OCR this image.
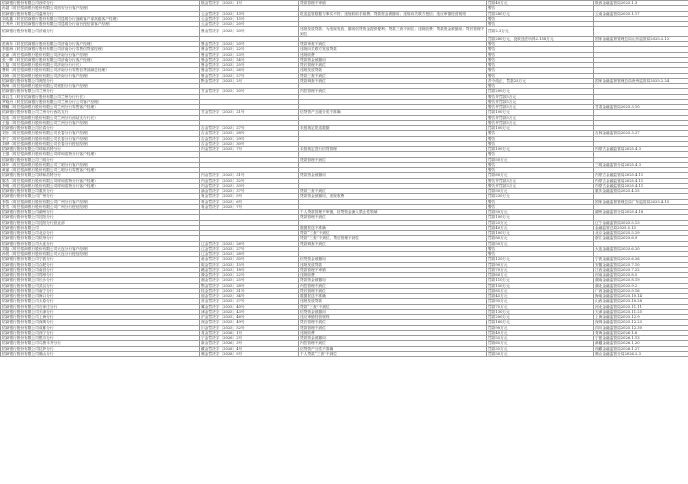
招商银行股份有限公司西安分行	陕金罚决字〔2025〕1号	贷款管理不审慎	罚款40万元	陕西金融监管局2025.1.3
孙超（时任招商银行股份有限公司西安分行客户经理）			警告	
招商银行股份有限公司温州分行	云金罚决字〔2025〕13号	报送监管数据与事实不符；违规收取手续费；贷款资金被挪用；违规向关联方授信；违反审慎经营规则	罚款280万元	云南金融监管局2025.1.17
刘兆鑫（时任招商银行股份有限公司昆明分行战略客户部高级客户经理）	云金罚决字〔2025〕15号		警告	
王秀玲（时任招商银行股份有限公司昆明分行前台授信部客户经理）	云金罚决字〔2025〕20号		警告	
招商银行股份有限公司济南分行	鲁金罚决字〔2025〕20号	违规发放贷款；为违规发放、挪用信贷资金提供便利；贷款三查不到位；违规收费；贷款资金被挪用；贷后管理不到位	罚款2.3万元	
			罚款280万元，没收违法所得2.158万元	国家金融监督管理总局山东监管局2025.2.12
范海东（时任招商银行股份有限公司济南分行客户经理）	鲁金罚决字〔2025〕20号	贷款审查不到位	警告	
李振海（时任招商银行股份有限公司济南分行零售信贷部经理）	鲁金罚决字〔2025〕22号	违规向关联方发放贷款	警告	
赵丽（时任招商银行股份有限公司济南分行客户经理）	鲁金罚决字〔2025〕23号	违规收费	警告	
张一辉（时任招商银行股份有限公司济南分行客户经理）	鲁金罚决字〔2025〕24号	贷款资金被挪用	警告	
王磊（时任招商银行股份有限公司济南分行行长）	鲁金罚决字〔2025〕25号	贷后管理不到位	警告	
曹妍（时任招商银行股份有限公司济南分行零售信贷部副总经理）	鲁金罚决字〔2025〕26号	违规发放贷款	警告	
刘琦（时任招商银行股份有限公司济南分行客户经理）	鲁金罚决字〔2025〕27号	贷款三查不到位	警告	
招商银行股份有限公司贵阳分行	黔金罚决字〔2025〕2号	贷款调查不到位	责令改正，罚款25万元	国家金融监督管理总局贵州监管局2025.2.24
陶坤（时任招商银行股份有限公司贵阳分行客户经理）			警告	
招商银行股份有限公司兰州分行	甘金罚决字〔2025〕20号	内控管理不到位	罚款200万元	
蒋启生（时任招商银行股份有限公司兰州分行行长）			警告并罚款5万元	
罗晓丹（时任招商银行股份有限公司兰州分行公司客户经理）			警告并罚款5万元	
柳璐（时任招商银行股份有限公司兰州分行零售客户经理）			警告并罚款5万元	甘肃金融监管局2025.3.10
招商银行股份有限公司兰州分行西站支行	甘金罚决字〔2025〕21号	信贷资产五级分类不准确	罚款100万元	
周浩（时任招商银行股份有限公司兰州分行西站支行行长）			警告并罚款5万元	
王磊（时任招商银行股份有限公司兰州分行客户经理）			警告并罚款5万元	
招商银行股份有限公司长春分行	吉金罚决字〔2025〕27号	未按规定报送数据	罚款100万元	
刘东（时任招商银行股份有限公司长春分行客户经理）	吉金罚决字〔2025〕28号		警告	吉林金融监管局2025.3.27
李宁（时任招商银行股份有限公司长春分行客户经理）	吉金罚决字〔2025〕29号		警告	
刘烨（时任招商银行股份有限公司长春分行授信经理）	吉金罚决字〔2025〕30号		警告	
招商银行股份有限公司呼和浩特分行	内金罚决字〔2025〕7号	未按规定进行信贷管理	罚款100万元	内蒙古金融监管局2025.4.3
王强（时任招商银行股份有限公司呼和浩特分行客户经理）			警告	
招商银行股份有限公司三明分行		贷款管理不到位	罚款50万元	
林华（时任招商银行股份有限公司三明分行客户经理）			警告	三明金融监管分局2025.4.3
黄丽（时任招商银行股份有限公司三明分行零售客户经理）			警告	
招商银行股份有限公司呼和浩特分行	内金罚决字〔2025〕31号	贷款资金被挪用	罚款80万元	内蒙古金融监管局2025.4.11
陈杰（时任招商银行股份有限公司呼和浩特分行客户经理）	内金罚决字〔2025〕32号		警告并罚款3万元	内蒙古金融监管局2025.4.11
李明（时任招商银行股份有限公司呼和浩特分行客户经理）	内金罚决字〔2025〕33号		警告并罚款3万元	内蒙古金融监管局2025.4.11
招商银行股份有限公司重庆分行	渝金罚决字〔2025〕37号	贷款三查不到位	罚款50万元	重庆金融监管局2025.4.15
招商银行股份有限公司广州分行	粤金罚决字〔2025〕5号	贷款资金被挪用，违规收费	罚款230万元	
李智（时任招商银行股份有限公司广州分行客户经理）	粤金罚决字〔2025〕6号		警告	国家金融监督管理总局广东监管局2025.4.15
张雪（时任招商银行股份有限公司广州分行授信经理）	粤金罚决字〔2025〕7号		警告	
招商银行股份有限公司湖州分行		个人贷款管理不审慎，信贷资金流入禁止性领域	罚款50万元	湖州金融监管分局2025.4.18
招商银行股份有限公司沈阳分行		贷款管理不到位	罚款100万元	
招商银行股份有限公司沈阳分行营业部			罚款25万元	辽宁金融监管局2025.5.13
招商银行股份有限公司		数据报送不准确	罚款40万元	金融监管总局2025.5.13
招商银行股份有限公司北京分行		贷款“三查”不到位	罚款100万元	北京金融监管局2025.5.29
招商银行股份有限公司杭州分行		贷款“三查”不到位，贷后管理不到位	罚款80万元	浙江金融监管局2025.6.9
招商银行股份有限公司大连分行	辽金罚决字〔2025〕26号	贷款调查不到位	罚款50万元	
刘磊（时任招商银行股份有限公司大连分行客户经理）	辽金罚决字〔2025〕27号		警告	大连金融监管局2025.6.20
孙悦（时任招商银行股份有限公司大连分行授信经理）	辽金罚决字〔2025〕28号		警告	
招商银行股份有限公司宁波分行	甬金罚决字〔2025〕30号	信贷资金被挪用	罚款120万元	宁波金融监管局2025.6.26
招商银行股份有限公司合肥分行	皖金罚决字〔2025〕15号	违规发放贷款	罚款90万元	安徽金融监管局2025.7.10
招商银行股份有限公司南昌分行	赣金罚决字〔2025〕18号	贷款管理不审慎	罚款70万元	江西金融监管局2025.7.22
招商银行股份有限公司郑州分行	豫金罚决字〔2025〕22号	违规收费	罚款60万元	河南金融监管局2025.8.5
招商银行股份有限公司长沙分行	湘金罚决字〔2025〕25号	贷款资金被挪用	罚款110万元	湖南金融监管局2025.8.19
招商银行股份有限公司武汉分行	鄂金罚决字〔2025〕28号	内控管理不到位	罚款150万元	湖北金融监管局2025.9.2
招商银行股份有限公司南宁分行	桂金罚决字〔2025〕31号	贷后管理不到位	罚款85万元	广西金融监管局2025.9.16
招商银行股份有限公司海口分行	琼金罚决字〔2025〕34号	数据报送不准确	罚款45万元	海南金融监管局2025.10.14
招商银行股份有限公司太原分行	晋金罚决字〔2025〕37号	违规发放贷款	罚款95万元	山西金融监管局2025.10.28
招商银行股份有限公司石家庄分行	冀金罚决字〔2025〕40号	贷款“三查”不到位	罚款75万元	河北金融监管局2025.11.11
招商银行股份有限公司天津分行	津金罚决字〔2025〕43号	信贷资金被挪用	罚款130万元	天津金融监管局2025.11.25
招商银行股份有限公司上海分行	沪金罚决字〔2025〕46号	违反审慎经营规则	罚款200万元	上海金融监管局2025.12.9
招商银行股份有限公司深圳分行	深金罚决字〔2025〕49号	贷后管理不到位	罚款160万元	深圳金融监管局2025.12.23
招商银行股份有限公司成都分行	川金罚决字〔2025〕52号	贷款管理不到位	罚款90万元	四川金融监管局2025.12.30
招商银行股份有限公司西宁分行	青金罚决字〔2026〕1号	违规收费	罚款40万元	青海金融监管局2026.1.6
招商银行股份有限公司银川分行	宁金罚决字〔2026〕2号	贷款资金被挪用	罚款55万元	宁夏金融监管局2026.1.13
招商银行股份有限公司乌鲁木齐分行	新金罚决字〔2026〕3号	内控管理不到位	罚款65万元	新疆金融监管局2026.1.20
招商银行股份有限公司拉萨分行	藏金罚决字〔2026〕4号	信贷资产分类不准确	罚款35万元	西藏金融监管局2026.1.27
招商银行股份有限公司佛山分行	佛金罚决字〔2026〕5号	个人贷款“三查”不到位	罚款50万元	佛山金融监管分局2026.2.3
